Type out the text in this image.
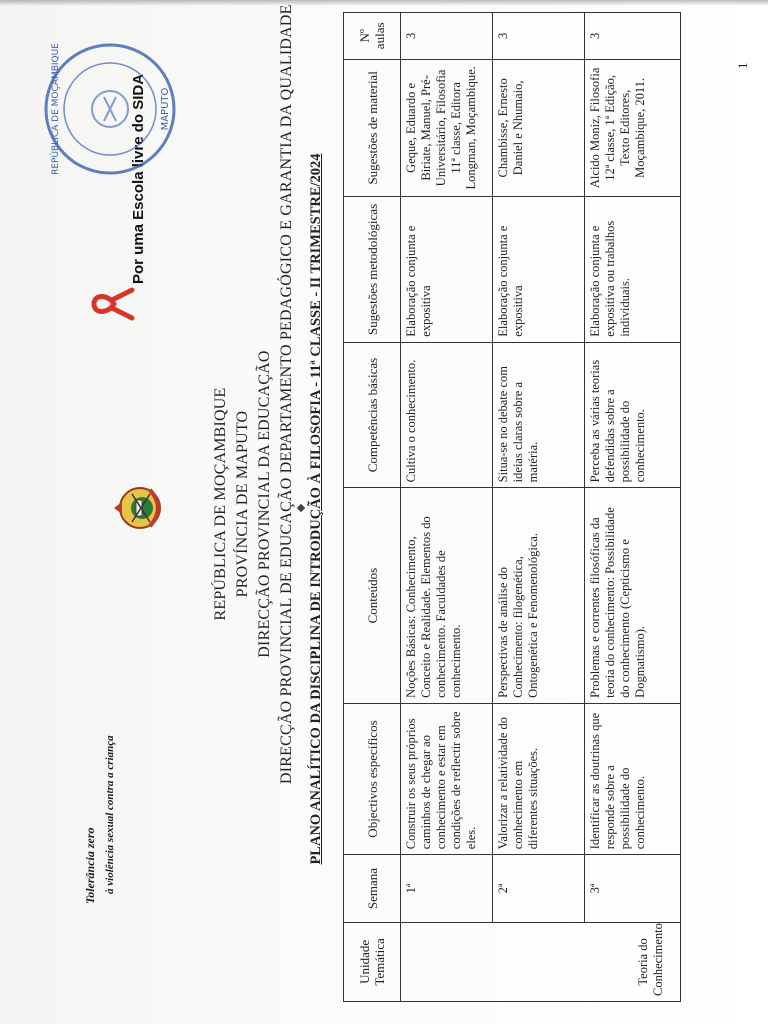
Tolerância zero à violência sexual contra a criança
Por uma Escola livre do SIDA
REPÚBLICA DE MOÇAMBIQUE	MAPUTO
REPÚBLICA DE MOÇAMBIQUE PROVÍNCIA DE MAPUTO DIRECÇÃO PROVINCIAL DA EDUCAÇÃO DIRECÇÃO PROVINCIAL DE EDUCAÇÃO DEPARTAMENTO PEDAGÓGICO E GARANTIA DA QUALIDADE PLANO ANALÍTICO DA DISCIPLINA DE INTRODUÇÃO À FILOSOFIA - 11ª CLASSE - II TRIMESTRE/2024
Unidade Temática	Semana	Objectivos específicos	Conteúdos	Competências básicas	Sugestões metodológicas	Sugestões de material	Nº aulas
Teoria do Conhecimento	1ª	Construir os seus próprios caminhos de chegar ao conhecimento e estar em condições de reflectir sobre eles.	Noções Básicas: Conhecimento, Conceito e Realidade. Elementos do conhecimento. Faculdades de conhecimento.	Cultiva o conhecimento.	Elaboração conjunta e expositiva	Geque, Eduardo e Biriate, Manuel, Pré-Universitário, Filosofia 11ª classe, Editora Longman, Moçambique.	3
	2ª	Valorizar a relatividade do conhecimento em diferentes situações.	Perspectivas de análise do Conhecimento: filogenética, Ontogenética e Fenomenológica.	Situa-se no debate com ideias claras sobre a matéria.	Elaboração conjunta e expositiva	Chambisse, Ernesto Daniel e Nhumaio,	3
	3ª	Identificar as doutrinas que responde sobre a possibilidade do conhecimento.	Problemas e correntes filosóficas da teoria do conhecimento: Possibilidade do conhecimento (Cepticismo e Dogmatismo).	Perceba as várias teorias defendidas sobre a possibilidade do conhecimento.	Elaboração conjunta e expositiva ou trabalhos individuais.	Alcido Moniz, Filosofia 12ª classe, 1ª Edição, Texto Editores, Moçambique, 2011.	3
1
